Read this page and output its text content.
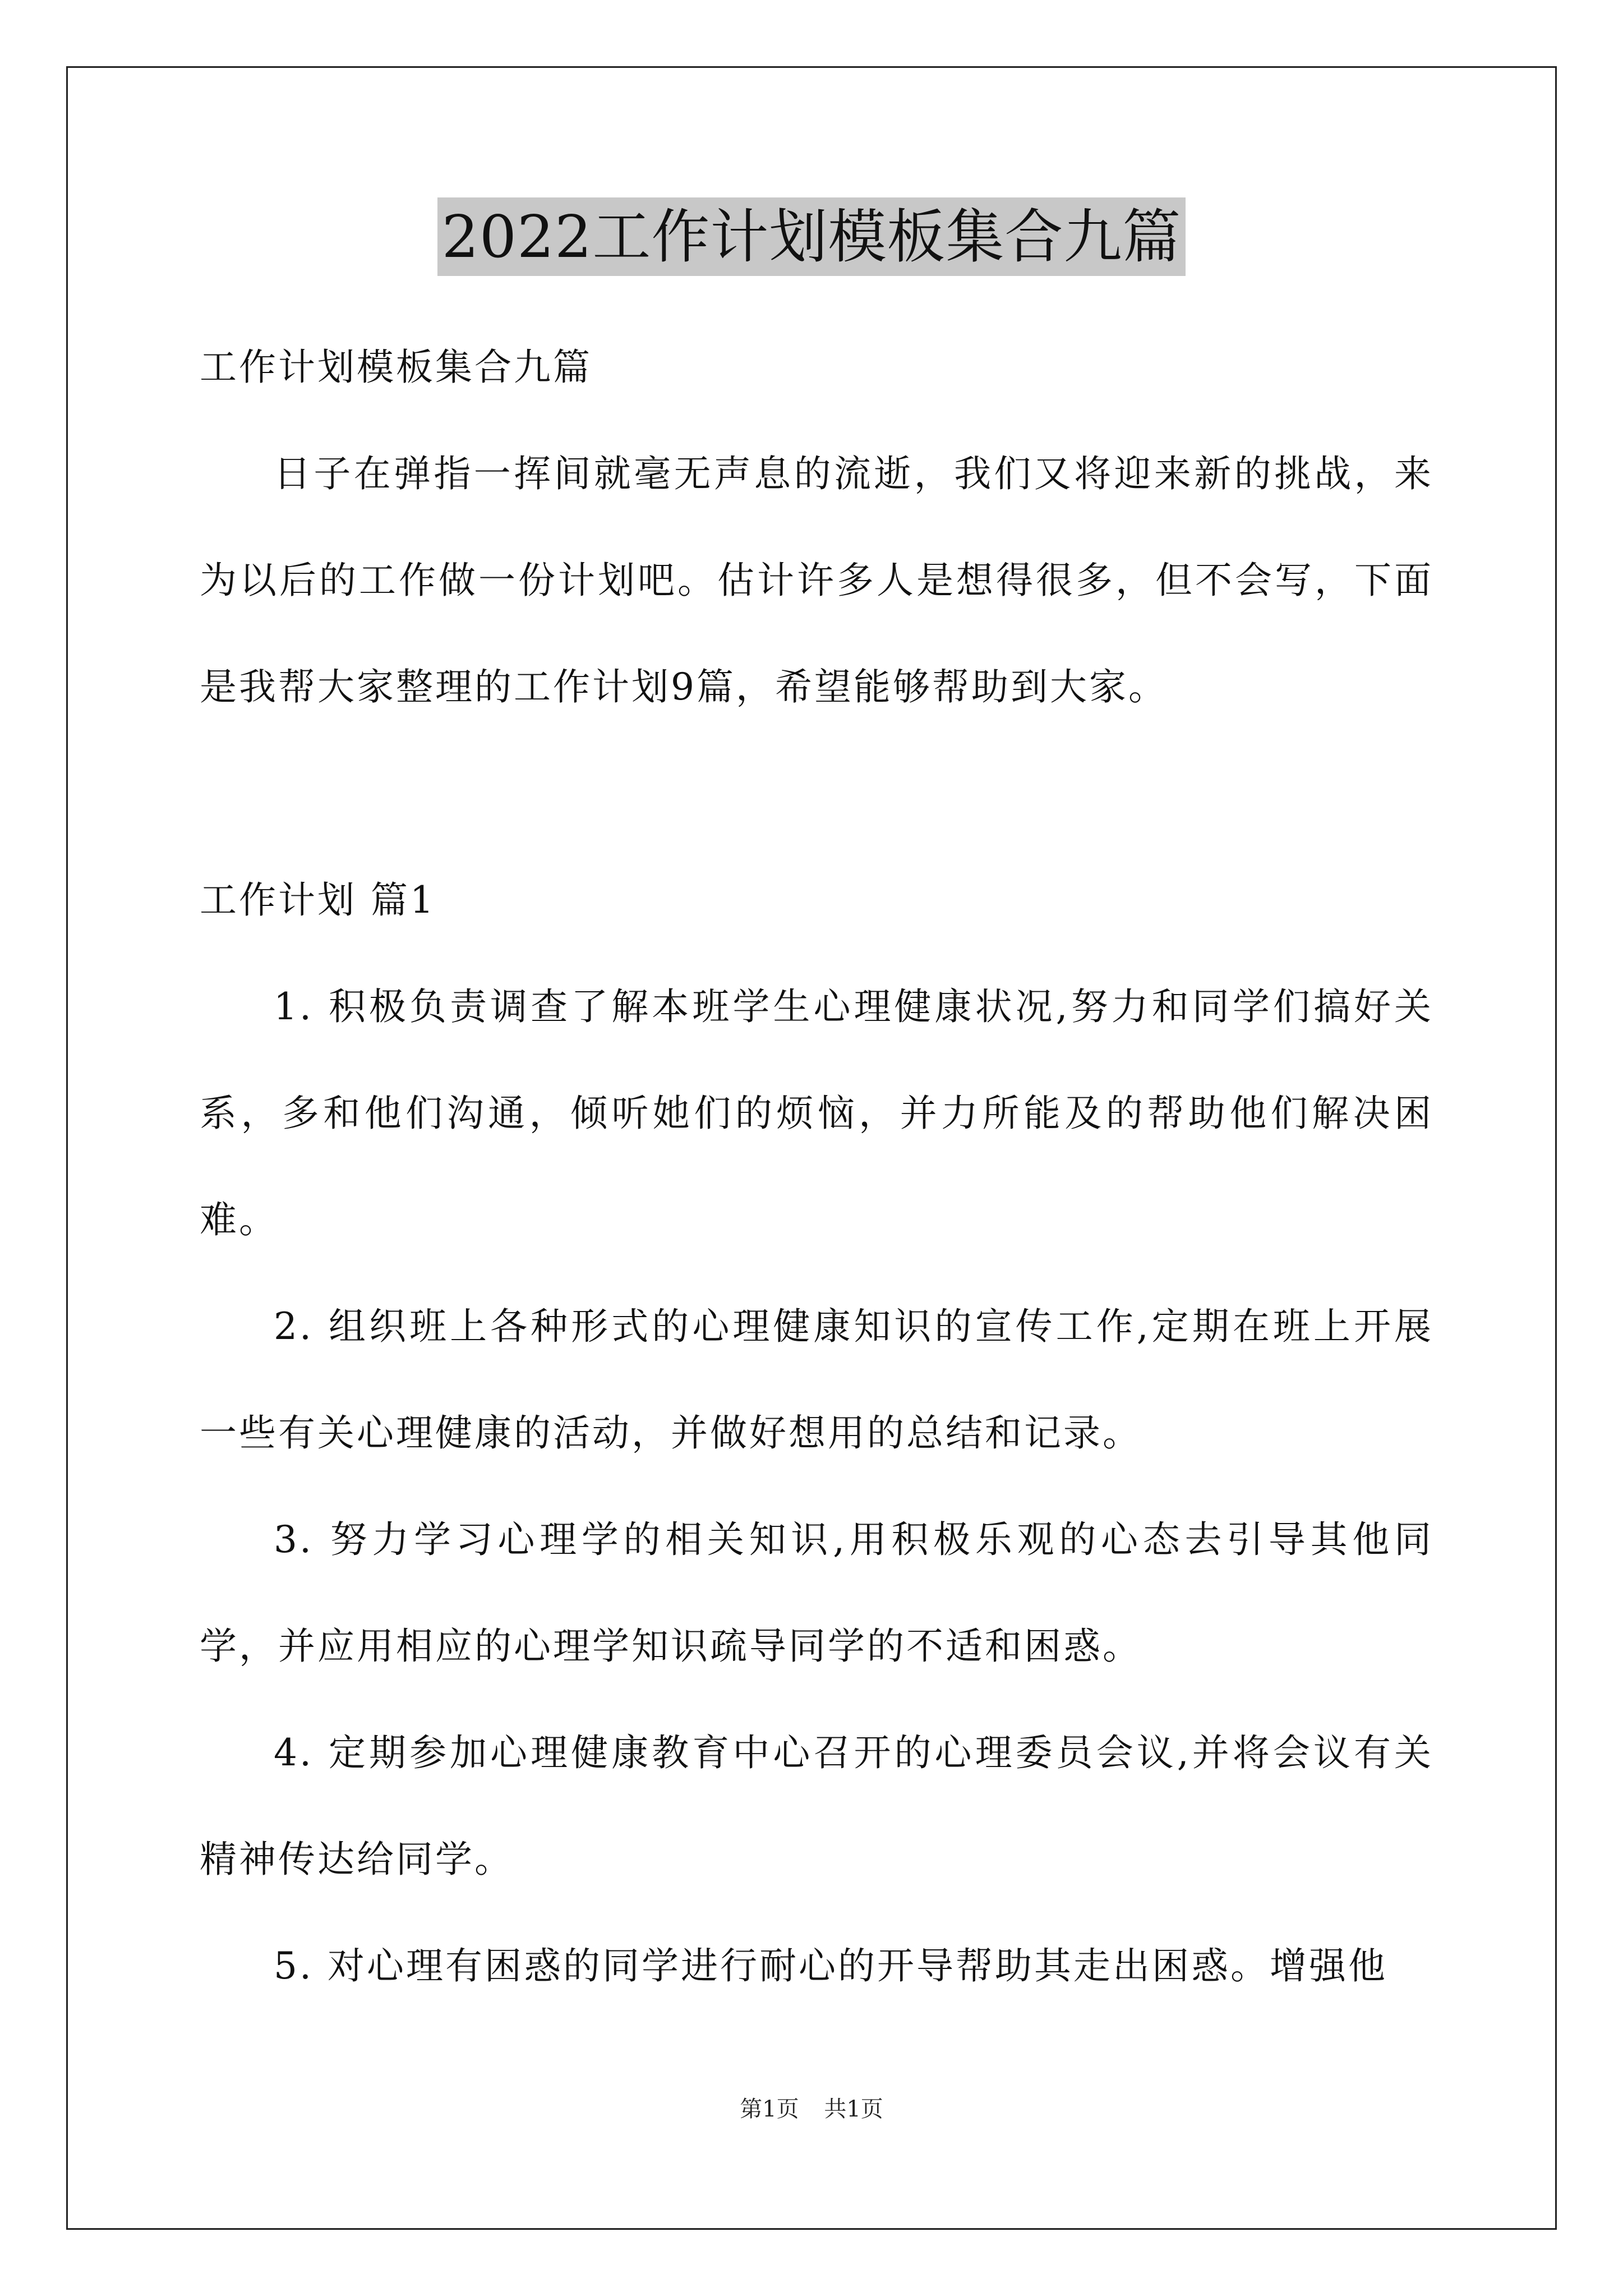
2022工作计划模板集合九篇

工作计划模板集合九篇

日子在弹指一挥间就毫无声息的流逝，我们又将迎来新的挑战，来为以后的工作做一份计划吧。估计许多人是想得很多，但不会写，下面是我帮大家整理的工作计划9篇，希望能够帮助到大家。

工作计划 篇1

1. 积极负责调查了解本班学生心理健康状况,努力和同学们搞好关系，多和他们沟通，倾听她们的烦恼，并力所能及的帮助他们解决困难。

2. 组织班上各种形式的心理健康知识的宣传工作,定期在班上开展一些有关心理健康的活动，并做好想用的总结和记录。

3. 努力学习心理学的相关知识,用积极乐观的心态去引导其他同学，并应用相应的心理学知识疏导同学的不适和困惑。

4. 定期参加心理健康教育中心召开的心理委员会议,并将会议有关精神传达给同学。

5. 对心理有困惑的同学进行耐心的开导帮助其走出困惑。增强他

第1页 共1页
